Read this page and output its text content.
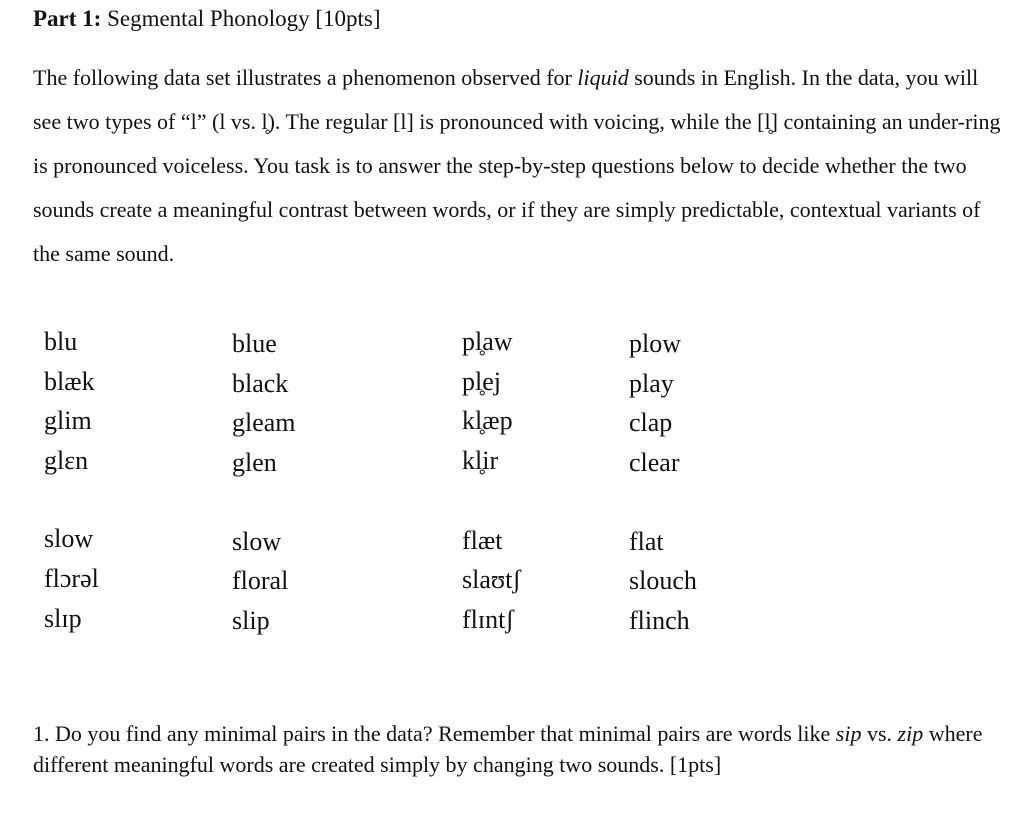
Part 1: Segmental Phonology [10pts]

The following data set illustrates a phenomenon observed for liquid sounds in English. In the data, you will see two types of “l” (l vs. l̥). The regular [l] is pronounced with voicing, while the [l̥] containing an under-ring is pronounced voiceless. You task is to answer the step-by-step questions below to decide whether the two sounds create a meaningful contrast between words, or if they are simply predictable, contextual variants of the same sound.

blu	blue	pl̥aw	plow
blæk	black	pl̥ej	play
glim	gleam	kl̥æp	clap
glɛn	glen	kl̥ir	clear
slow	slow	flæt	flat
flɔrəl	floral	slaʊtʃ	slouch
slɪp	slip	flɪntʃ	flinch

1. Do you find any minimal pairs in the data? Remember that minimal pairs are words like sip vs. zip where different meaningful words are created simply by changing two sounds. [1pts]
